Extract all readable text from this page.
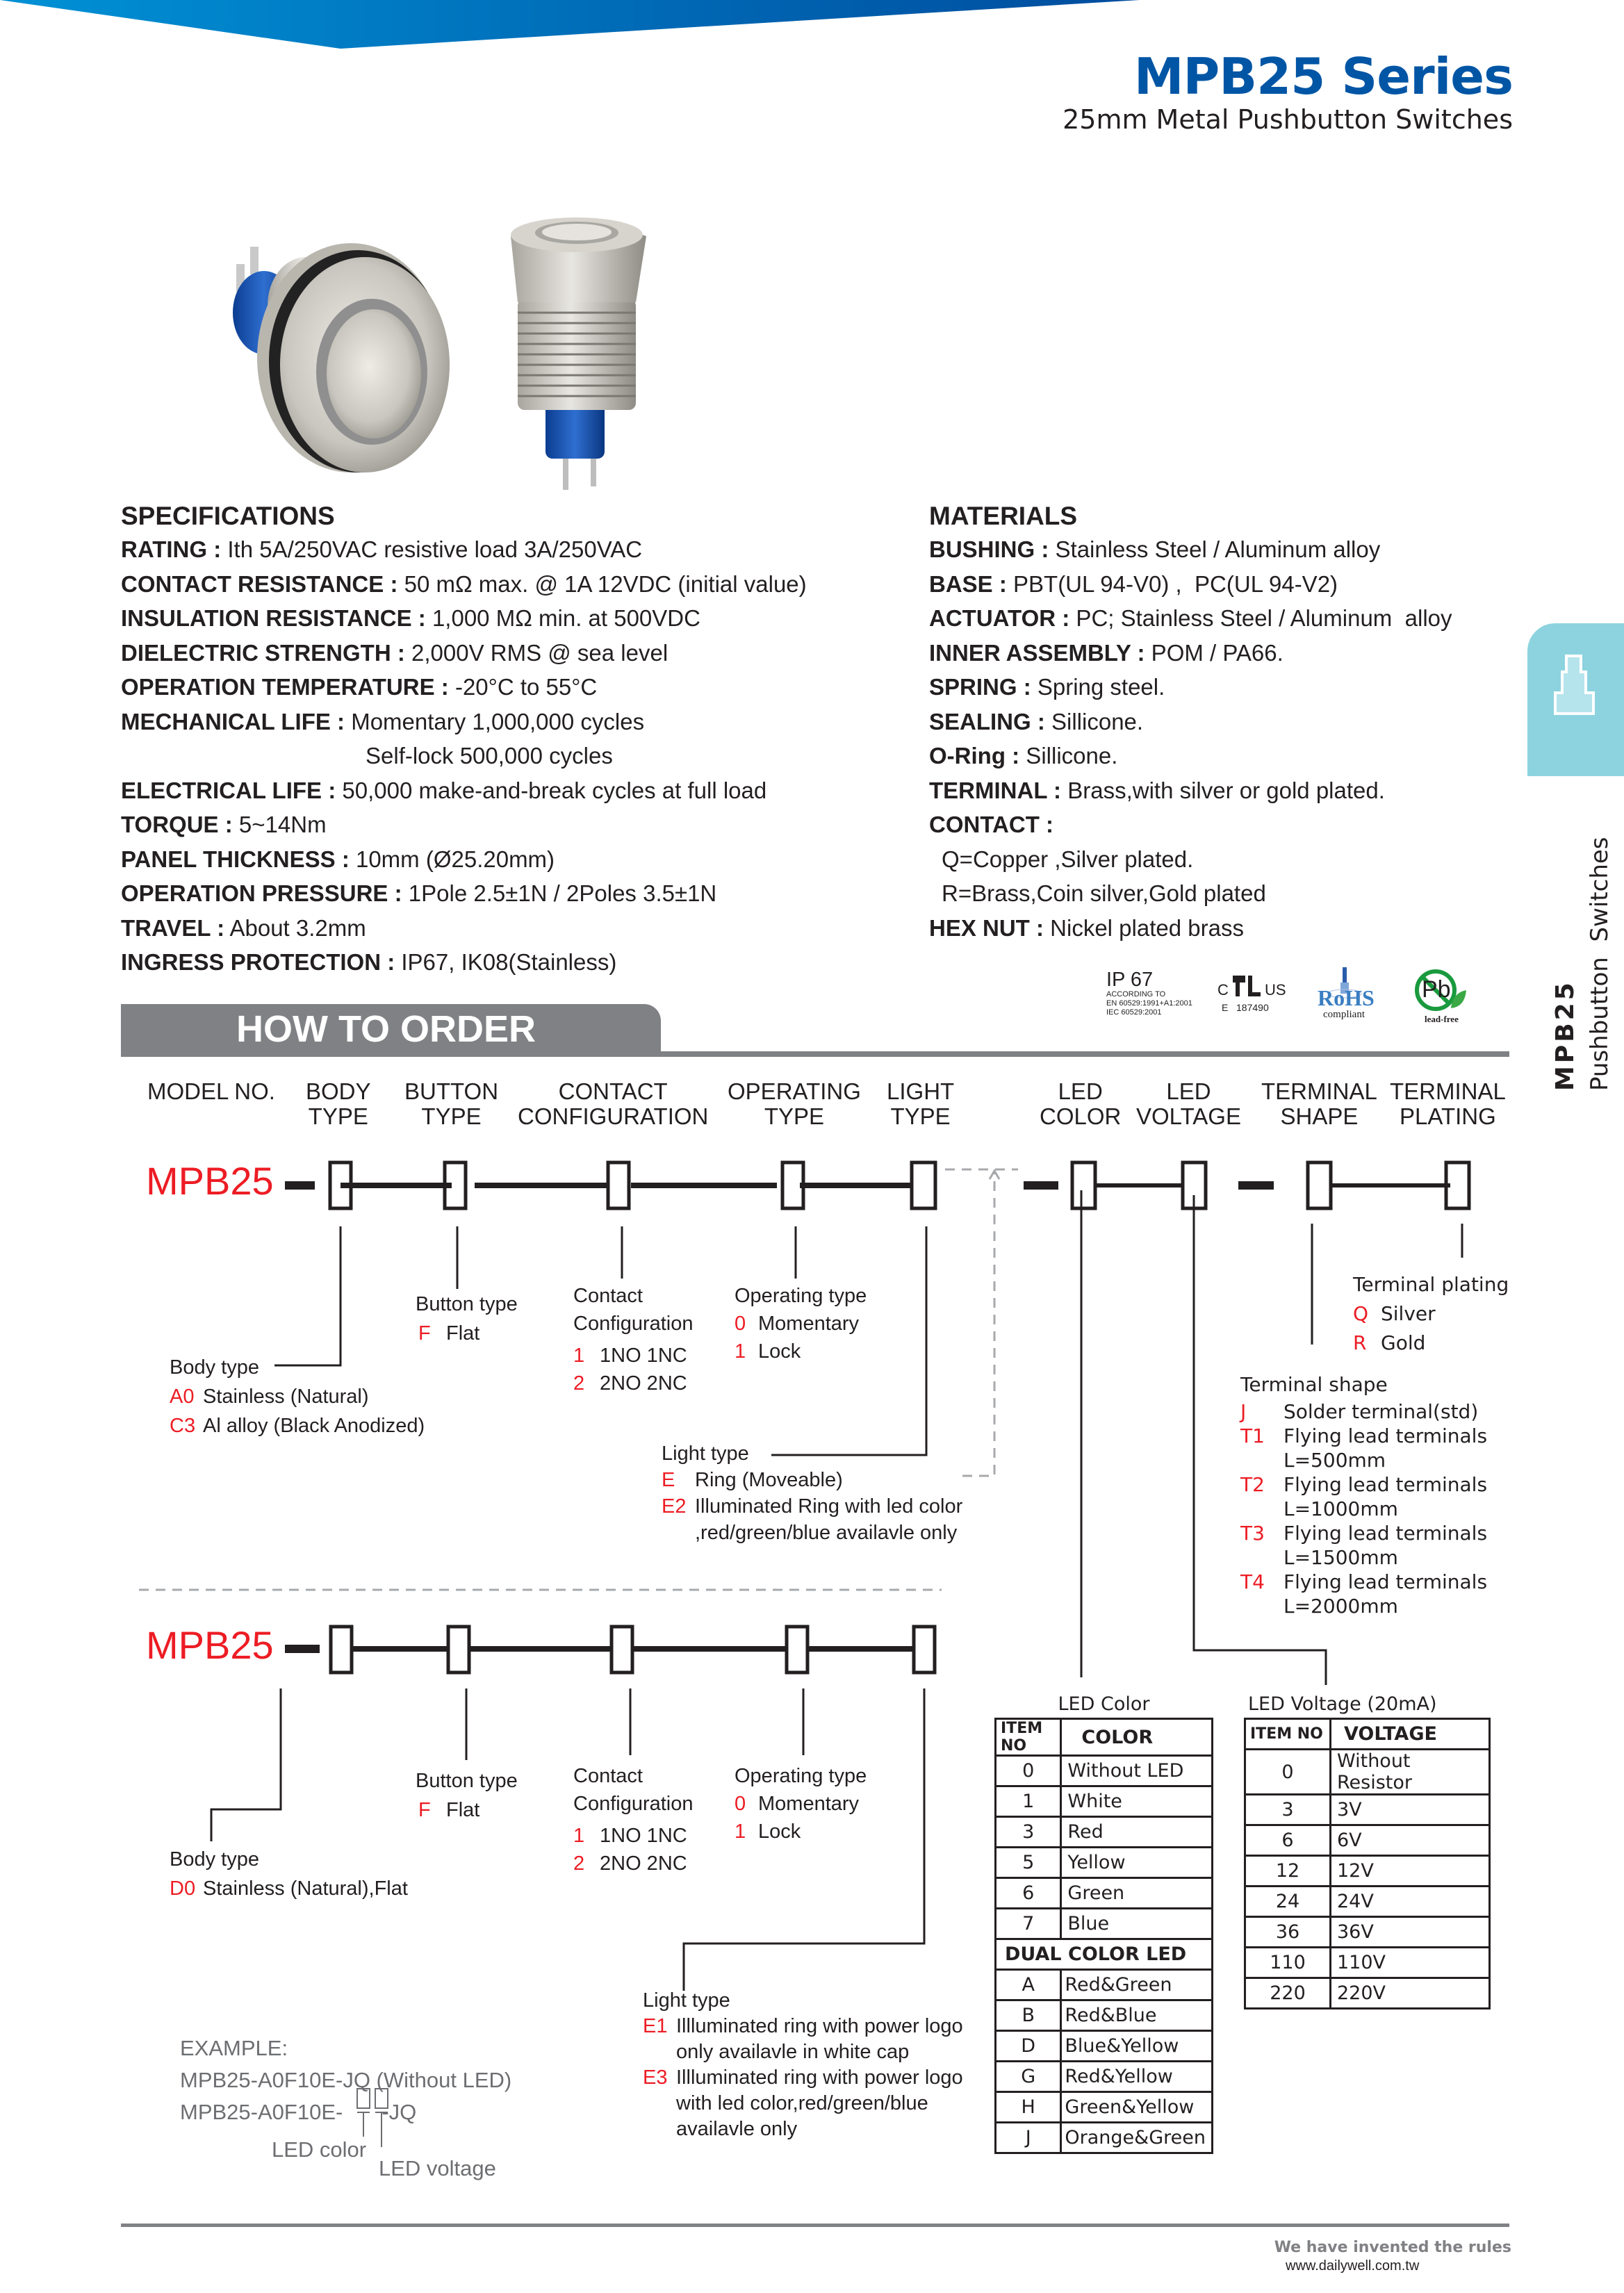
MPB25 Series
25mm Metal Pushbutton Switches
SPECIFICATIONS
RATING : Ith 5A/250VAC resistive load 3A/250VAC
CONTACT RESISTANCE : 50 mΩ max. @ 1A 12VDC (initial value)
INSULATION RESISTANCE : 1,000 MΩ min. at 500VDC
DIELECTRIC STRENGTH : 2,000V RMS @ sea level
OPERATION TEMPERATURE : -20°C to 55°C
MECHANICAL LIFE : Momentary 1,000,000 cycles
Self-lock 500,000 cycles
ELECTRICAL LIFE : 50,000 make-and-break cycles at full load
TORQUE : 5~14Nm
PANEL THICKNESS : 10mm (Ø25.20mm)
OPERATION PRESSURE : 1Pole 2.5±1N / 2Poles 3.5±1N
TRAVEL : About 3.2mm
INGRESS PROTECTION : IP67, IK08(Stainless)
MATERIALS
BUSHING : Stainless Steel / Aluminum alloy
BASE : PBT(UL 94-V0) ,  PC(UL 94-V2)
ACTUATOR : PC; Stainless Steel / Aluminum  alloy
INNER ASSEMBLY : POM / PA66.
SPRING : Spring steel.
SEALING : Sillicone.
O-Ring : Sillicone.
TERMINAL : Brass,with silver or gold plated.
CONTACT :
Q=Copper ,Silver plated.
R=Brass,Coin silver,Gold plated
HEX NUT : Nickel plated brass
MPB25 Pushbutton  Switches
IP 67
ACCORDING TO
EN 60529:1991+A1:2001
IEC 60529:2001
C US
E   187490 RoHS
compliant
Pb
lead-free
HOW TO ORDER
MODEL NO. BODY
TYPE
BUTTON
TYPE
CONTACT
CONFIGURATION
OPERATING
TYPE
LIGHT
TYPE
LED
COLOR
LED
VOLTAGE
TERMINAL
SHAPE
TERMINAL
PLATING
MPB25
MPB25
Body type
A0 Stainless (Natural)
C3 Al alloy (Black Anodized)
Button type
F Flat
Contact
Configuration
1 1NO 1NC
2 2NO 2NC
Operating type
0 Momentary
1 Lock
Light type
E Ring (Moveable)
E2 Illuminated Ring with led color
,red/green/blue availavle only
Terminal plating
Q Silver
R Gold
Terminal shape
J Solder terminal(std)
T1 Flying lead terminals
L=500mm
T2 Flying lead terminals
L=1000mm
T3 Flying lead terminals
L=1500mm
T4 Flying lead terminals
L=2000mm
Body type
D0 Stainless (Natural),Flat
Button type
F Flat
Contact
Configuration
1 1NO 1NC
2 2NO 2NC
Operating type
0 Momentary
1 Lock
Light type
E1 Illluminated ring with power logo
only availavle in white cap
E3 Illluminated ring with power logo
with led color,red/green/blue
availavle only
LED Color
ITEM NO	COLOR
0	Without LED
1	White
3	Red
5	Yellow
6	Green
7	Blue
DUAL COLOR LED	
A	Red&Green
B	Red&Blue
D	Blue&Yellow
G	Red&Yellow
H	Green&Yellow
J	Orange&Green
LED Voltage (20mA)
ITEM NO	VOLTAGE
0	Without Resistor
3	3V
6	6V
12	12V
24	24V
36	36V
110	110V
220	220V
EXAMPLE:
MPB25-A0F10E-JQ (Without LED)
MPB25-A0F10E- -JQ
LED color
LED voltage
We have invented the rules
www.dailywell.com.tw
